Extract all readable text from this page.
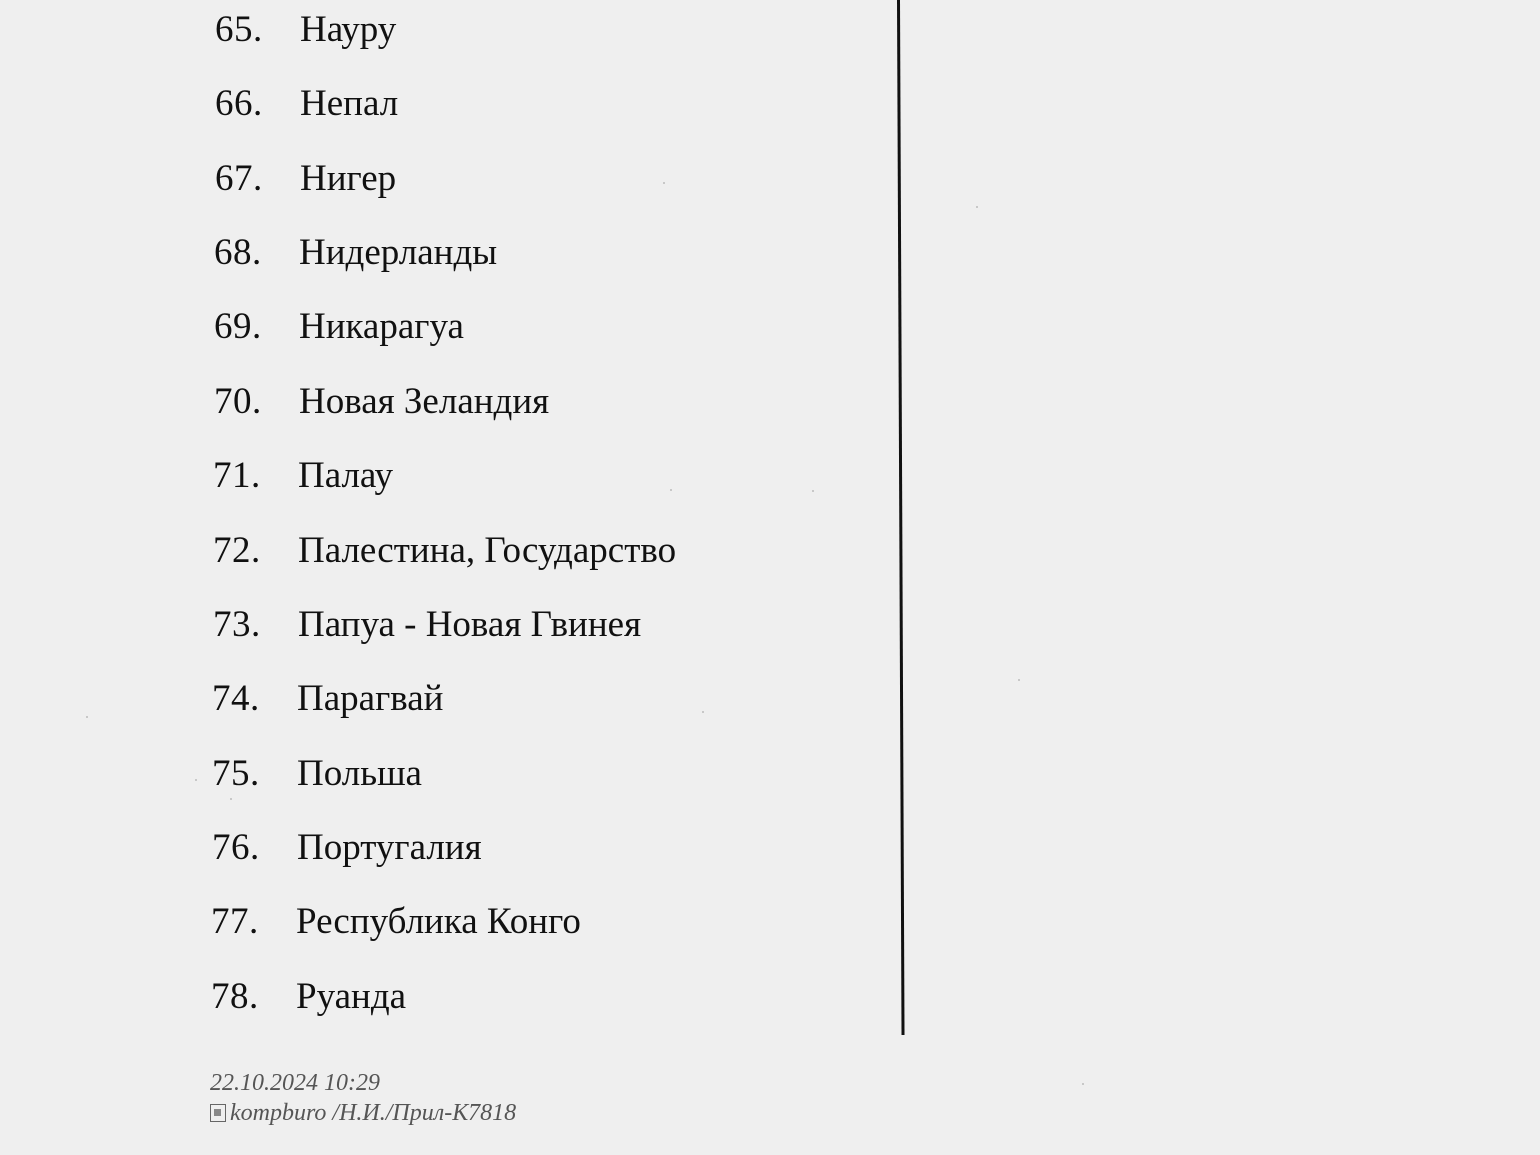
65. Науру
66. Непал
67. Нигер
68. Нидерланды
69. Никарагуа
70. Новая Зеландия
71. Палау
72. Палестина, Государство
73. Папуа - Новая Гвинея
74. Парагвай
75. Польша
76. Португалия
77. Республика Конго
78. Руанда
22.10.2024 10:29
kompburo /Н.И./Прил-К7818
